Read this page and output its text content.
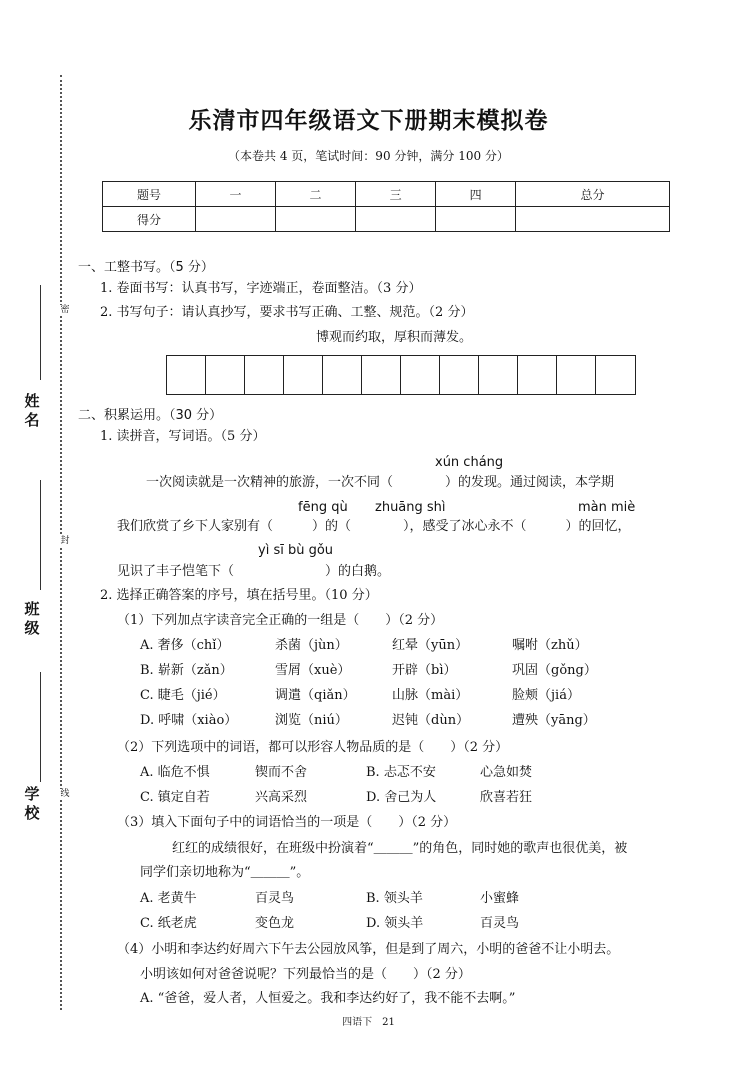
密
封
线
姓名
班级
学校
乐清市四年级语文下册期末模拟卷
（本卷共 4 页，笔试时间：90 分钟，满分 100 分）
题号	一	二	三	四	总分
得分					
一、工整书写。（5 分）
1. 卷面书写：认真书写，字迹端正，卷面整洁。（3 分）
2. 书写句子：请认真抄写，要求书写正确、工整、规范。（2 分）
博观而约取，厚积而薄发。
二、积累运用。（30 分）
1. 读拼音，写词语。（5 分）
xún cháng
一次阅读就是一次精神的旅游，一次不同（　　　　）的发现。通过阅读，本学期
fēng qù zhuāng shì	màn miè
我们欣赏了乡下人家别有（　　　）的（　　　　），感受了冰心永不（　　　）的回忆，
yì sī bù gǒu
见识了丰子恺笔下（　　　　　　　）的白鹅。
2. 选择正确答案的序号，填在括号里。（10 分）
（1）下列加点字读音完全正确的一组是（　　）（2 分）
A. 奢侈（chǐ）	杀菌（jùn）	红晕（yūn）	嘱咐（zhǔ）
B. 崭新（zǎn）	雪屑（xuè）	开辟（bì）	巩固（gǒng）
C. 睫毛（jié）	调遣（qiǎn）	山脉（mài）	脸颊（jiá）
D. 呼啸（xiào）	浏览（niú）	迟钝（dùn）	遭殃（yāng）
（2）下列选项中的词语，都可以形容人物品质的是（　　）（2 分）
A. 临危不惧	锲而不舍	B. 忐忑不安	心急如焚
C. 镇定自若	兴高采烈	D. 舍己为人	欣喜若狂
（3）填入下面句子中的词语恰当的一项是（　　）（2 分）
红红的成绩很好，在班级中扮演着“＿＿＿”的角色，同时她的歌声也很优美，被
同学们亲切地称为“＿＿＿”。
A. 老黄牛	百灵鸟	B. 领头羊	小蜜蜂
C. 纸老虎	变色龙	D. 领头羊	百灵鸟
（4）小明和李达约好周六下午去公园放风筝，但是到了周六，小明的爸爸不让小明去。
小明该如何对爸爸说呢？下列最恰当的是（　　）（2 分）
A. “爸爸，爱人者，人恒爱之。我和李达约好了，我不能不去啊。”
四语下　21
